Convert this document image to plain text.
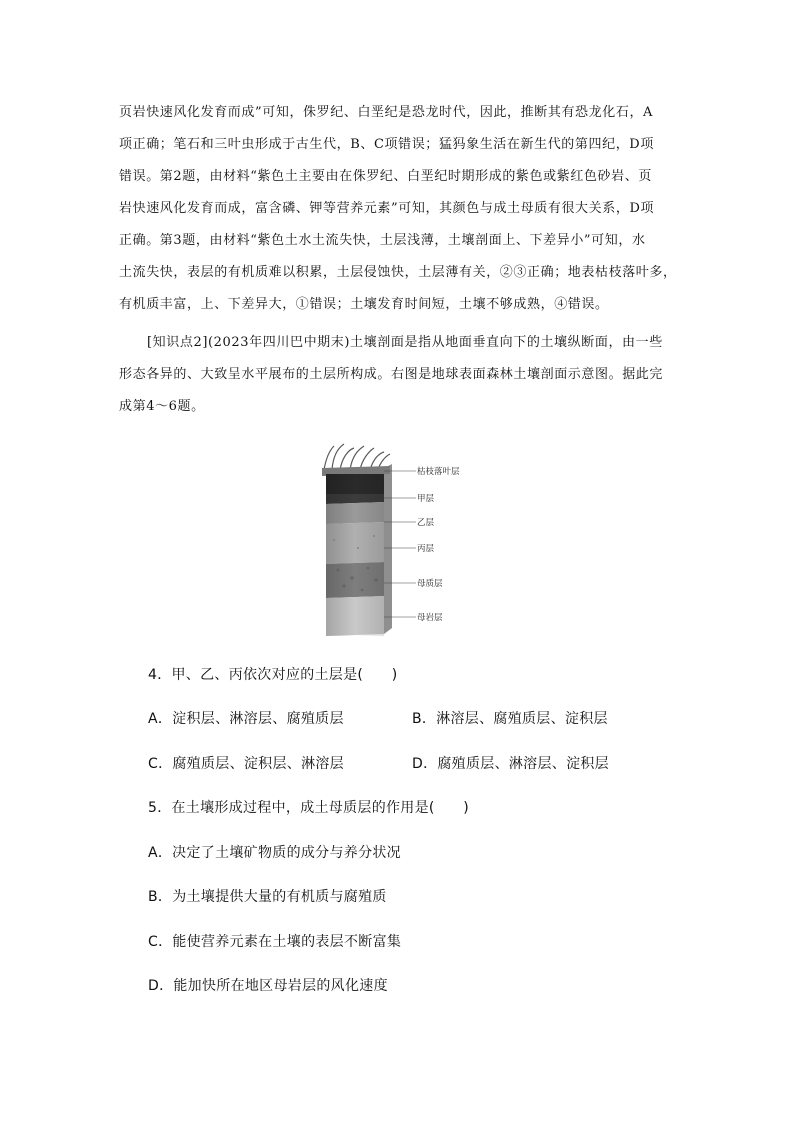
页岩快速风化发育而成”可知，侏罗纪、白垩纪是恐龙时代，因此，推断其有恐龙化石，A
项正确；笔石和三叶虫形成于古生代，B、C项错误；猛犸象生活在新生代的第四纪，D项
错误。第2题，由材料“紫色土主要由在侏罗纪、白垩纪时期形成的紫色或紫红色砂岩、页
岩快速风化发育而成，富含磷、钾等营养元素”可知，其颜色与成土母质有很大关系，D项
正确。第3题，由材料“紫色土水土流失快，土层浅薄，土壤剖面上、下差异小”可知，水
土流失快，表层的有机质难以积累，土层侵蚀快，土层薄有关，②③正确；地表枯枝落叶多，
有机质丰富，上、下差异大，①错误；土壤发育时间短，土壤不够成熟，④错误。
[知识点2](2023年四川巴中期末)土壤剖面是指从地面垂直向下的土壤纵断面，由一些
形态各异的、大致呈水平展布的土层所构成。右图是地球表面森林土壤剖面示意图。据此完
成第4～6题。
枯枝落叶层
甲层
乙层
丙层
母质层
母岩层
4．甲、乙、丙依次对应的土层是(　　)
A．淀积层、淋溶层、腐殖质层	B．淋溶层、腐殖质层、淀积层
C．腐殖质层、淀积层、淋溶层	D．腐殖质层、淋溶层、淀积层
5．在土壤形成过程中，成土母质层的作用是(　　)
A．决定了土壤矿物质的成分与养分状况
B．为土壤提供大量的有机质与腐殖质
C．能使营养元素在土壤的表层不断富集
D．能加快所在地区母岩层的风化速度
